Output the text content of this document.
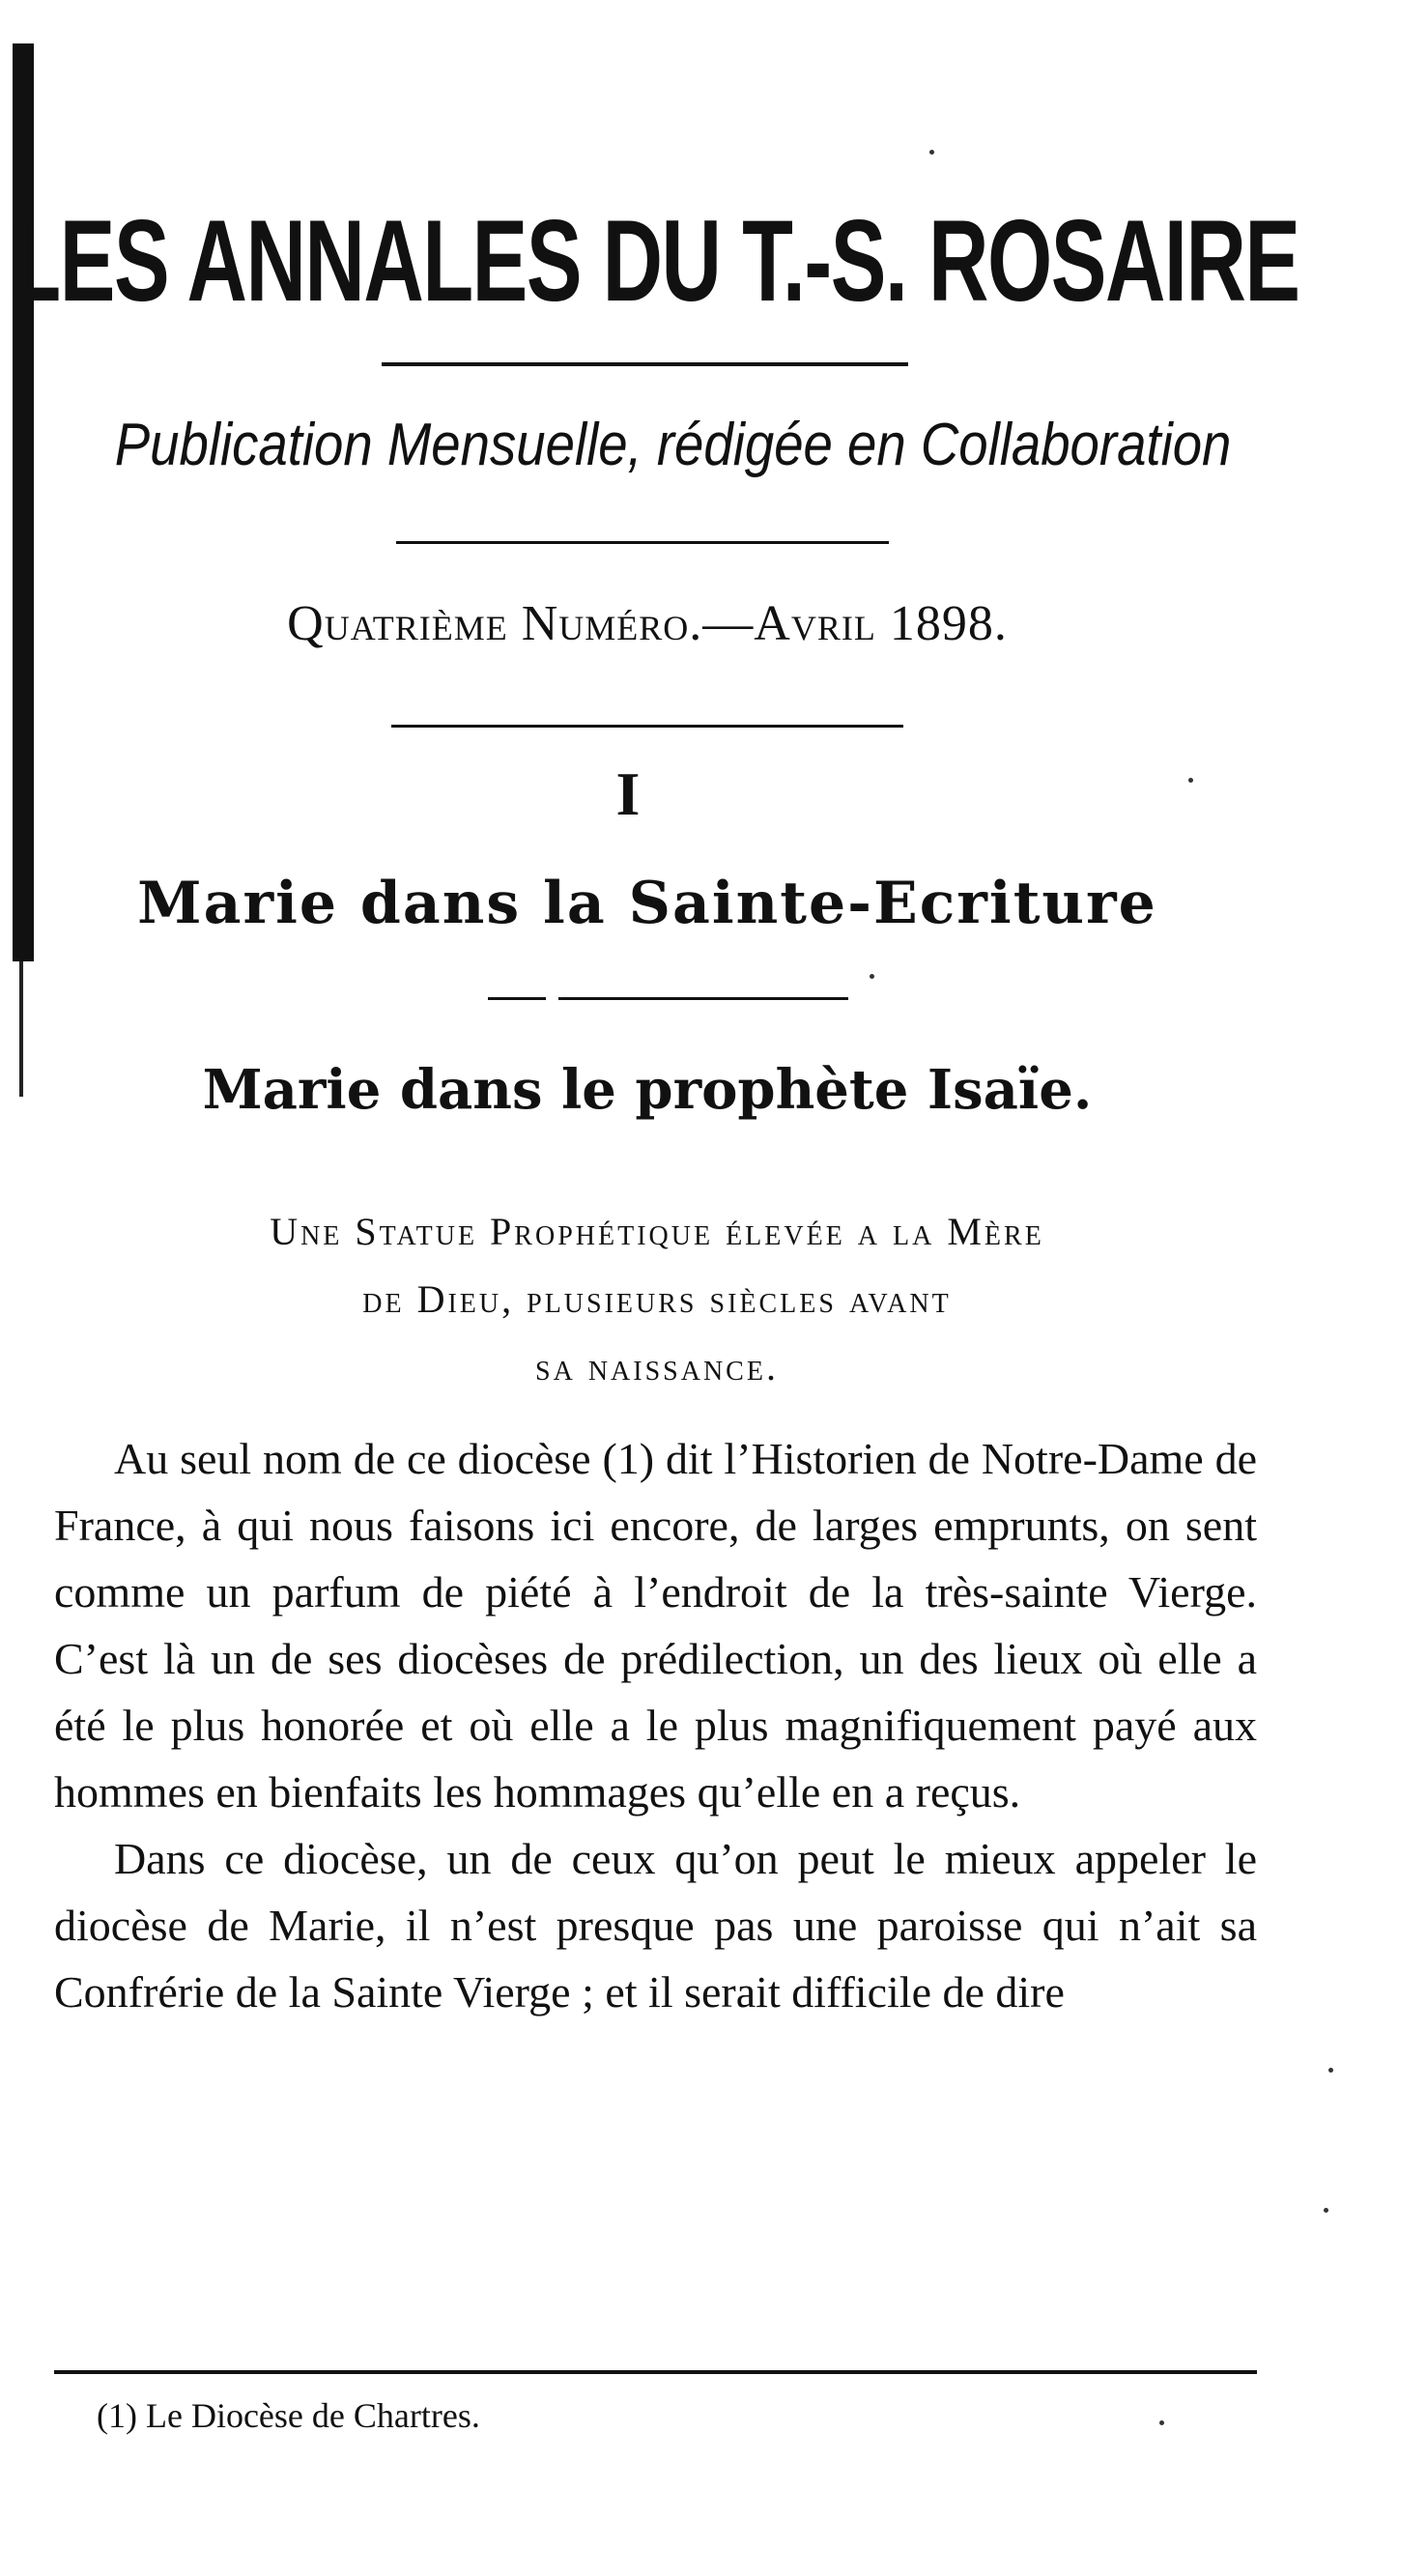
LES ANNALES DU T.-S. ROSAIRE
Publication Mensuelle, rédigée en Collaboration
Quatrième Numéro.—Avril 1898.
I
Marie dans la Sainte-Ecriture
Marie dans le prophète Isaïe.
Une Statue Prophétique élevée a la Mère
de Dieu, plusieurs siècles avant
sa naissance.

Au seul nom de ce diocèse (1) dit l’Historien de Notre-Dame de France, à qui nous faisons ici encore, de larges emprunts, on sent comme un parfum de piété à l’endroit de la très-sainte Vierge. C’est là un de ses diocèses de prédilection, un des lieux où elle a été le plus honorée et où elle a le plus magnifiquement payé aux hommes en bienfaits les hommages qu’elle en a reçus.

Dans ce diocèse, un de ceux qu’on peut le mieux appeler le diocèse de Marie, il n’est presque pas une paroisse qui n’ait sa Confrérie de la Sainte Vierge ; et il serait difficile de dire

(1) Le Diocèse de Chartres.
